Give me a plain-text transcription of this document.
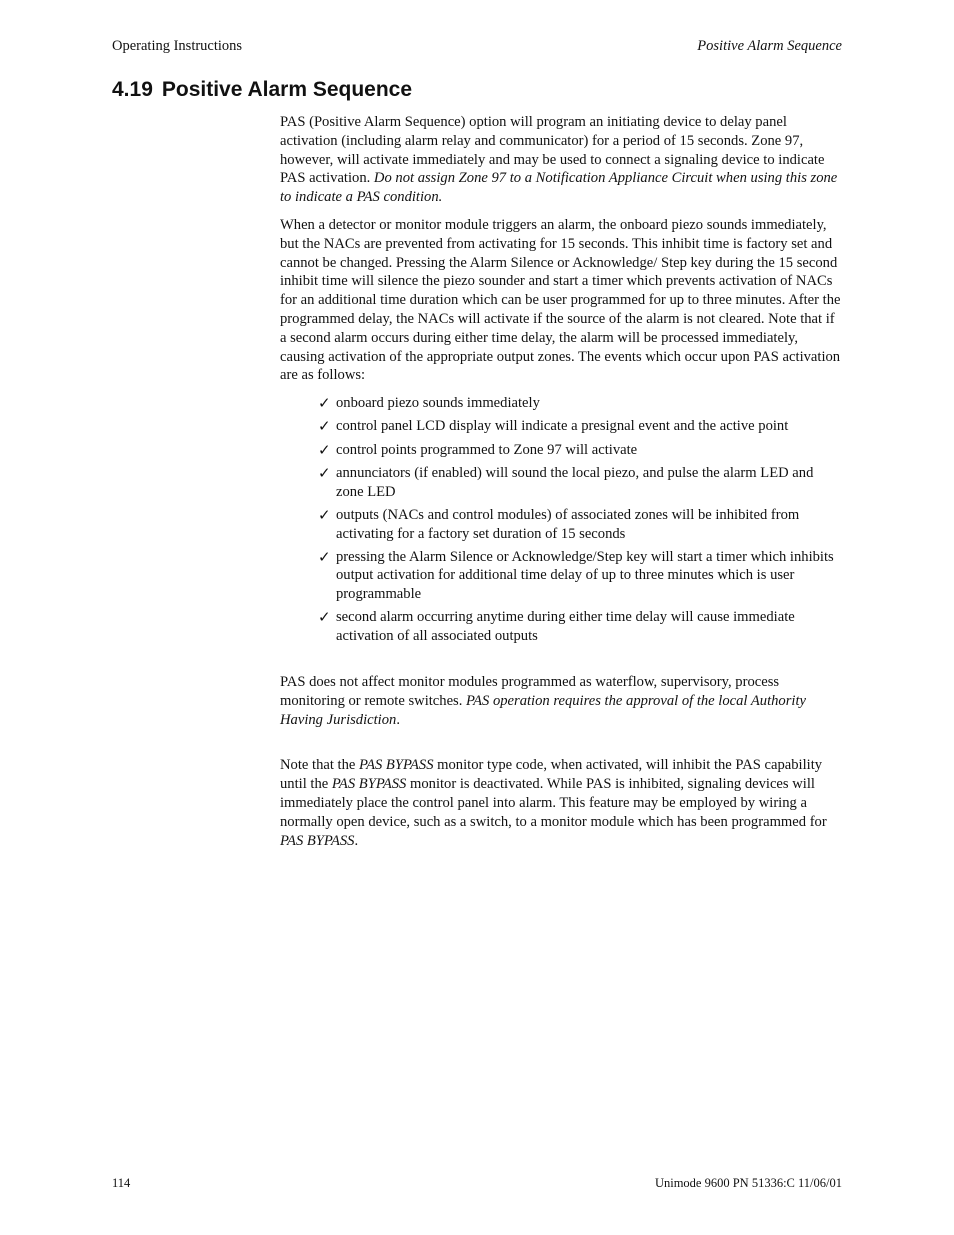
Operating Instructions	Positive Alarm Sequence
4.19 Positive Alarm Sequence

PAS (Positive Alarm Sequence) option will program an initiating device to delay panel activation (including alarm relay and communicator) for a period of 15 seconds. Zone 97, however, will activate immediately and may be used to connect a signaling device to indicate PAS activation. Do not assign Zone 97 to a Notification Appliance Circuit when using this zone to indicate a PAS condition.

When a detector or monitor module triggers an alarm, the onboard piezo sounds immediately, but the NACs are prevented from activating for 15 seconds. This inhibit time is factory set and cannot be changed. Pressing the Alarm Silence or Acknowledge/ Step key during the 15 second inhibit time will silence the piezo sounder and start a timer which prevents activation of NACs for an additional time duration which can be user programmed for up to three minutes. After the programmed delay, the NACs will activate if the source of the alarm is not cleared. Note that if a second alarm occurs during either time delay, the alarm will be processed immediately, causing activation of the appropriate output zones. The events which occur upon PAS activation are as follows:

✓ onboard piezo sounds immediately
✓ control panel LCD display will indicate a presignal event and the active point
✓ control points programmed to Zone 97 will activate
✓ annunciators (if enabled) will sound the local piezo, and pulse the alarm LED and zone LED
✓ outputs (NACs and control modules) of associated zones will be inhibited from activating for a factory set duration of 15 seconds
✓ pressing the Alarm Silence or Acknowledge/Step key will start a timer which inhibits output activation for additional time delay of up to three minutes which is user programmable
✓ second alarm occurring anytime during either time delay will cause immediate activation of all associated outputs

PAS does not affect monitor modules programmed as waterflow, supervisory, process monitoring or remote switches. PAS operation requires the approval of the local Authority Having Jurisdiction.

Note that the PAS BYPASS monitor type code, when activated, will inhibit the PAS capability until the PAS BYPASS monitor is deactivated. While PAS is inhibited, signaling devices will immediately place the control panel into alarm. This feature may be employed by wiring a normally open device, such as a switch, to a monitor module which has been programmed for PAS BYPASS.

114	Unimode 9600 PN 51336:C 11/06/01
